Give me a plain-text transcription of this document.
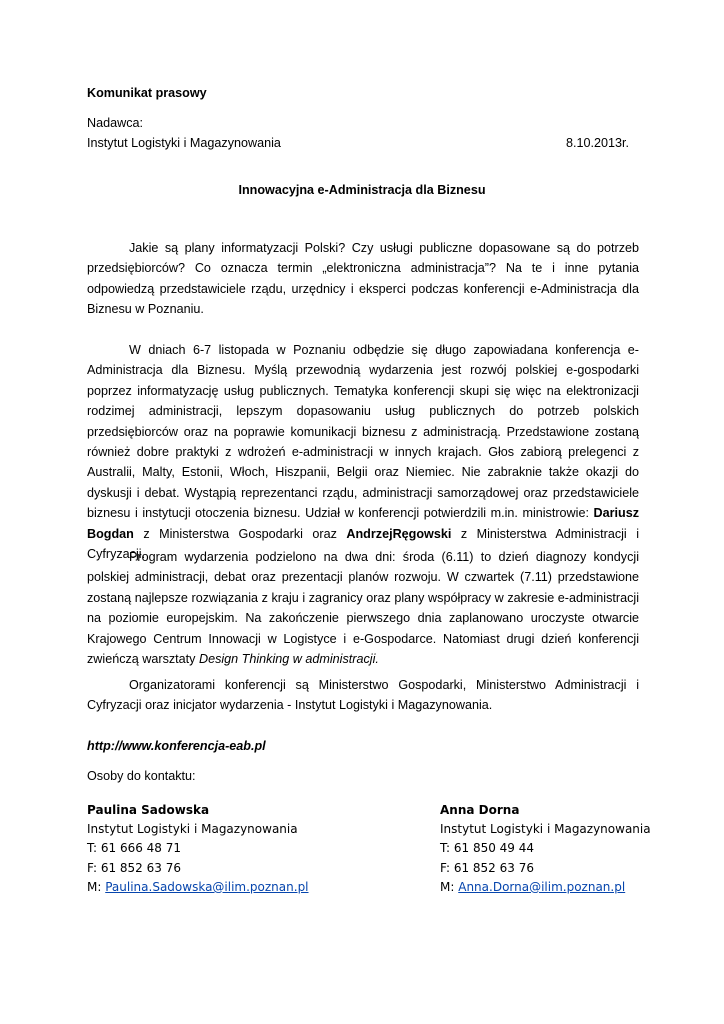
Komunikat prasowy
Nadawca:
Instytut Logistyki i Magazynowania	8.10.2013r.
Innowacyjna e-Administracja dla Biznesu

Jakie są plany informatyzacji Polski? Czy usługi publiczne dopasowane są do potrzeb przedsiębiorców? Co oznacza termin „elektroniczna administracja”? Na te i inne pytania odpowiedzą przedstawiciele rządu, urzędnicy i eksperci podczas konferencji e-Administracja dla Biznesu w Poznaniu.

W dniach 6-7 listopada w Poznaniu odbędzie się długo zapowiadana konferencja e-Administracja dla Biznesu. Myślą przewodnią wydarzenia jest rozwój polskiej e-gospodarki poprzez informatyzację usług publicznych. Tematyka konferencji skupi się więc na elektronizacji rodzimej administracji, lepszym dopasowaniu usług publicznych do potrzeb polskich przedsiębiorców oraz na poprawie komunikacji biznesu z administracją. Przedstawione zostaną również dobre praktyki z wdrożeń e-administracji w innych krajach. Głos zabiorą prelegenci z Australii, Malty, Estonii, Włoch, Hiszpanii, Belgii oraz Niemiec. Nie zabraknie także okazji do dyskusji i debat. Wystąpią reprezentanci rządu, administracji samorządowej oraz przedstawiciele biznesu i instytucji otoczenia biznesu. Udział w konferencji potwierdzili m.in. ministrowie: Dariusz Bogdan z Ministerstwa Gospodarki oraz AndrzejRęgowski z Ministerstwa Administracji i Cyfryzacji.

Program wydarzenia podzielono na dwa dni: środa (6.11) to dzień diagnozy kondycji polskiej administracji, debat oraz prezentacji planów rozwoju. W czwartek (7.11) przedstawione zostaną najlepsze rozwiązania z kraju i zagranicy oraz plany współpracy w zakresie e-administracji na poziomie europejskim. Na zakończenie pierwszego dnia zaplanowano uroczyste otwarcie Krajowego Centrum Innowacji w Logistyce i e-Gospodarce. Natomiast drugi dzień konferencji zwieńczą warsztaty Design Thinking w administracji.

Organizatorami konferencji są Ministerstwo Gospodarki, Ministerstwo Administracji i Cyfryzacji oraz inicjator wydarzenia - Instytut Logistyki i Magazynowania.

http://www.konferencja-eab.pl
Osoby do kontaktu:
Paulina Sadowska
Instytut Logistyki i Magazynowania
T: 61 666 48 71
F: 61 852 63 76
M: Paulina.Sadowska@ilim.poznan.pl
Anna Dorna
Instytut Logistyki i Magazynowania
T: 61 850 49 44
F: 61 852 63 76
M: Anna.Dorna@ilim.poznan.pl
